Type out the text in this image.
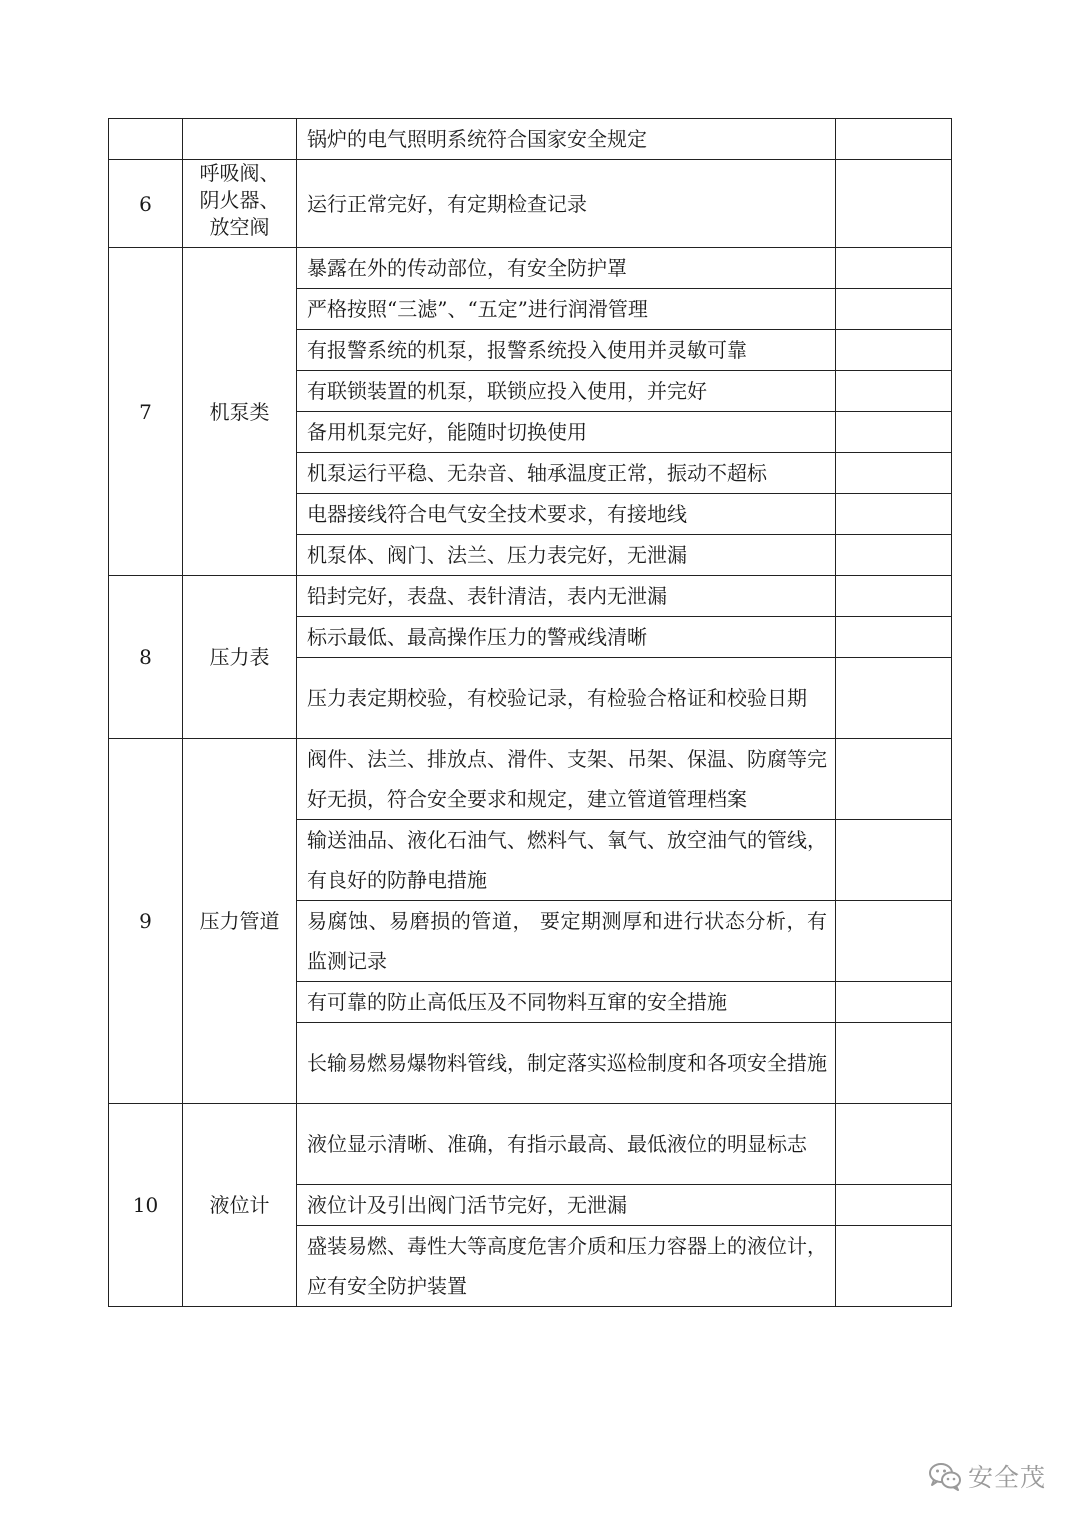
		锅炉的电气照明系统符合国家安全规定	
6	呼吸阀、
阴火器、
放空阀	运行正常完好，有定期检查记录	
7	机泵类	暴露在外的传动部位，有安全防护罩	
		严格按照“三滤”、“五定”进行润滑管理	
		有报警系统的机泵，报警系统投入使用并灵敏可靠	
		有联锁装置的机泵，联锁应投入使用，并完好	
		备用机泵完好，能随时切换使用	
		机泵运行平稳、无杂音、轴承温度正常，振动不超标	
		电器接线符合电气安全技术要求，有接地线	
		机泵体、阀门、法兰、压力表完好，无泄漏	
8	压力表	铅封完好，表盘、表针清洁，表内无泄漏	
		标示最低、最高操作压力的警戒线清晰	
		压力表定期校验，有校验记录，有检验合格证和校验日期	
9	压力管道	阀件、法兰、排放点、滑件、支架、吊架、保温、防腐等完好无损，符合安全要求和规定，建立管道管理档案	
		输送油品、液化石油气、燃料气、氧气、放空油气的管线，有良好的防静电措施	
		易腐蚀、易磨损的管道， 要定期测厚和进行状态分析，有监测记录	
		有可靠的防止高低压及不同物料互窜的安全措施	
		长输易燃易爆物料管线，制定落实巡检制度和各项安全措施	
10	液位计	液位显示清晰、准确，有指示最高、最低液位的明显标志	
		液位计及引出阀门活节完好，无泄漏	
		盛装易燃、毒性大等高度危害介质和压力容器上的液位计，应有安全防护装置	
安全茂
